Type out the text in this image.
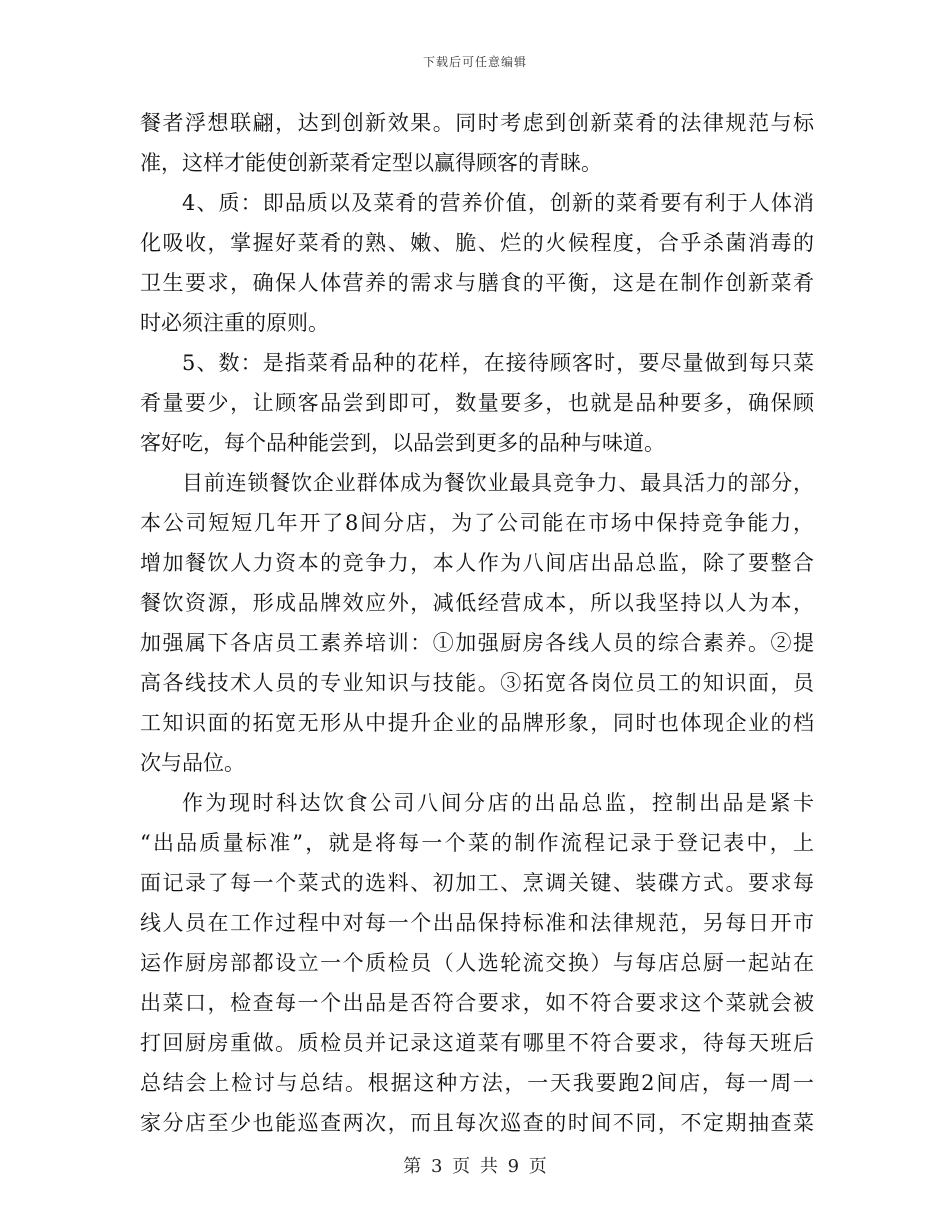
下载后可任意编辑
餐者浮想联翩，达到创新效果。同时考虑到创新菜肴的法律规范与标
准，这样才能使创新菜肴定型以赢得顾客的青睐。
4、质：即品质以及菜肴的营养价值，创新的菜肴要有利于人体消
化吸收，掌握好菜肴的熟、嫩、脆、烂的火候程度，合乎杀菌消毒的
卫生要求，确保人体营养的需求与膳食的平衡，这是在制作创新菜肴
时必须注重的原则。
5、数：是指菜肴品种的花样，在接待顾客时，要尽量做到每只菜
肴量要少，让顾客品尝到即可，数量要多，也就是品种要多，确保顾
客好吃，每个品种能尝到，以品尝到更多的品种与味道。
目前连锁餐饮企业群体成为餐饮业最具竞争力、最具活力的部分，
本公司短短几年开了8间分店，为了公司能在市场中保持竞争能力，
增加餐饮人力资本的竞争力，本人作为八间店出品总监，除了要整合
餐饮资源，形成品牌效应外，减低经营成本，所以我坚持以人为本，
加强属下各店员工素养培训：①加强厨房各线人员的综合素养。②提
高各线技术人员的专业知识与技能。③拓宽各岗位员工的知识面，员
工知识面的拓宽无形从中提升企业的品牌形象，同时也体现企业的档
次与品位。
作为现时科达饮食公司八间分店的出品总监，控制出品是紧卡
“出品质量标准”，就是将每一个菜的制作流程记录于登记表中，上
面记录了每一个菜式的选料、初加工、烹调关键、装碟方式。要求每
线人员在工作过程中对每一个出品保持标准和法律规范，另每日开市
运作厨房部都设立一个质检员（人选轮流交换）与每店总厨一起站在
出菜口，检查每一个出品是否符合要求，如不符合要求这个菜就会被
打回厨房重做。质检员并记录这道菜有哪里不符合要求，待每天班后
总结会上检讨与总结。根据这种方法，一天我要跑2间店，每一周一
家分店至少也能巡查两次，而且每次巡查的时间不同，不定期抽查菜
第 3 页 共 9 页
